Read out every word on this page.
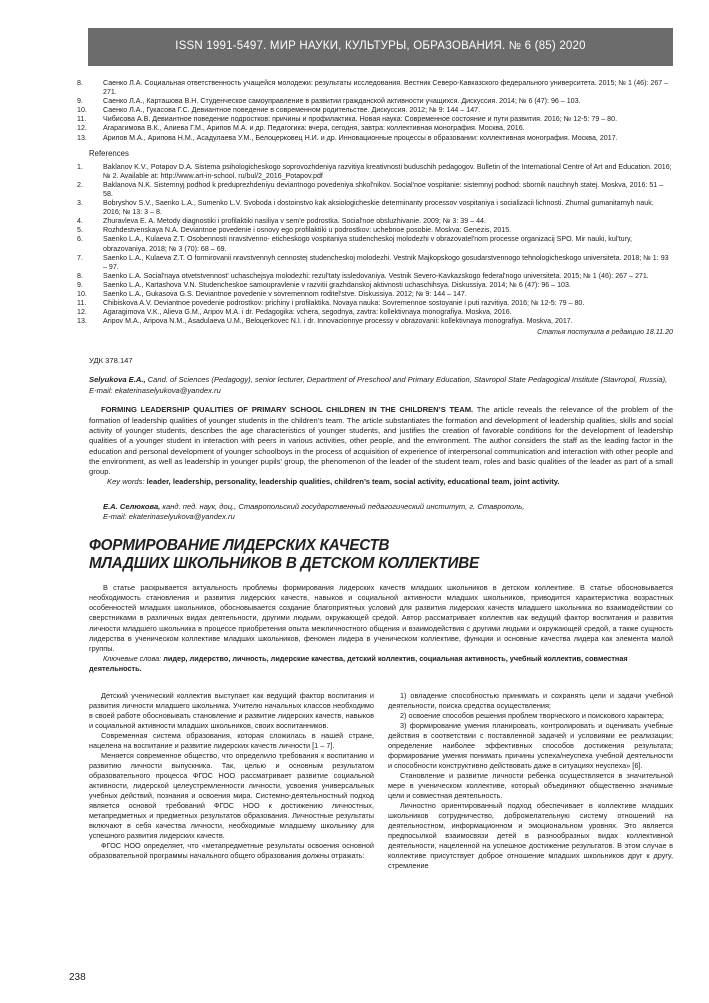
ISSN 1991-5497. МИР НАУКИ, КУЛЬТУРЫ, ОБРАЗОВАНИЯ. № 6 (85) 2020
8.	Саенко Л.А. Социальная ответственность учащейся молодежи: результаты исследования. Вестник Северо-Кавказского федерального университета. 2015; № 1 (46): 267 – 271.
9.	Саенко Л.А., Карташова В.Н. Студенческое самоуправление в развитии гражданской активности учащихся. Дискуссия. 2014; № 6 (47): 96 – 103.
10.	Саенко Л.А., Гукасова Г.С. Девиантное поведение в современном родительстве. Дискуссия. 2012; № 9: 144 – 147.
11.	Чибисова А.В. Девиантное поведение подростков: причины и профилактика. Новая наука: Современное состояние и пути развития. 2016; № 12-5: 79 – 80.
12.	Агарагимова В.К., Алиева Г.М., Арипов М.А. и др. Педагогика: вчера, сегодня, завтра: коллективная монография. Москва, 2016.
13.	Арипов М.А., Арипова Н.М., Асадулаева У.М., Белоцерковец Н.И. и др. Инновационные процессы в образовании: коллективная монография. Москва, 2017.
References
1.	Baklanov K.V., Potapov D.A. Sistema psihologicheskogo soprovozhdeniya razvitiya kreativnosti buduschih pedagogov. Bulletin of the International Centre of Art and Education. 2016; № 2. Available at: http://www.art-in-school. ru/bul/2_2016_Potapov.pdf
2.	Baklanova N.K. Sistemnyj podhod k preduprezhdeniyu deviantnogo povedeniya shkol'nikov. Social'noe vospitanie: sistemnyj podhod: sbornik nauchnyh statej. Moskva, 2016: 51 – 58.
3.	Bobryshov S.V., Saenko L.A., Sumenko L.V. Svoboda i dostoinstvo kak aksiologicheskie determinanty processov vospitaniya i socializacii lichnosti. Zhurnal gumanitarnyh nauk. 2016; № 13: 3 – 8.
4.	Zhuravleva E. A. Metody diagnostiki i profilaktiki nasiliya v sem'e podrostka. Social'noe obsluzhivanie. 2009; № 3: 39 – 44.
5.	Rozhdestvenskaya N.A. Deviantnoe povedenie i osnovy ego profilaktiki u podrostkov: uchebnoe posobie. Moskva: Genezis, 2015.
6.	Saenko L.A., Kulaeva Z.T. Osobennosti nravstvenno- eticheskogo vospitaniya studencheskoj molodezhi v obrazovatel'nom processe organizacij SPO. Mir nauki, kul'tury, obrazovaniya. 2018; № 3 (70): 68 – 69.
7.	Saenko L.A., Kulaeva Z.T. O formirovanii nravstvennyh cennostej studencheskoj molodezhi. Vestnik Majkopskogo gosudarstvennogo tehnologicheskogo universiteta. 2018; № 1: 93 – 97.
8.	Saenko L.A. Social'naya otvetstvennost' uchaschejsya molodezhi: rezul'taty issledovaniya. Vestnik Severo-Kavkazskogo federal'nogo universiteta. 2015; № 1 (46): 267 – 271.
9.	Saenko L.A., Kartashova V.N. Studencheskoe samoupravlenie v razvitii grazhdanskoj aktivnosti uchaschihsya. Diskussiya. 2014; № 6 (47): 96 – 103.
10.	Saenko L.A., Gukasova G.S. Deviantnoe povedenie v sovremennom roditel'stve. Diskussiya. 2012; № 9: 144 – 147.
11.	Chibiskova A.V. Deviantnoe povedenie podrostkov: prichiny i profilaktika. Novaya nauka: Sovremennoe sostoyanie i puti razvitiya. 2016; № 12-5: 79 – 80.
12.	Agaragimova V.K., Alieva G.M., Aripov M.A. i dr. Pedagogika: vchera, segodnya, zavtra: kollektivnaya monografiya. Moskva, 2016.
13.	Aripov M.A., Aripova N.M., Asadulaeva U.M., Beloцerkovec N.I. i dr. Innovacionnye processy v obrazovanii: kollektivnaya monografiya. Moskva, 2017.
Статья поступила в редакцию 18.11.20
УДК 378.147
Selyukova E.A., Cand. of Sciences (Pedagogy), senior lecturer, Department of Preschool and Primary Education, Stavropol State Pedagogical Institute (Stavropol, Russia), E-mail: ekaterinaselyukova@yandex.ru
FORMING LEADERSHIP QUALITIES OF PRIMARY SCHOOL CHILDREN IN THE CHILDREN’S TEAM. The article reveals the relevance of the problem of the formation of leadership qualities of younger students in the children’s team. The article substantiates the formation and development of leadership qualities, skills and social activity of younger students, describes the age characteristics of younger students, and justifies the creation of favorable conditions for the development of leadership qualities of a younger student in interaction with peers in various activities, other people, and the environment. The author considers the staff as the leading factor in the education and personal development of younger schoolboys in the process of acquisition of experience of interpersonal communication and interaction with other people and the environment, as well as leadership in younger pupils’ group, the phenomenon of the leader of the student team, roles and basic qualities of the leader as part of a small group.
Key words: leader, leadership, personality, leadership qualities, children’s team, social activity, educational team, joint activity.
Е.А. Селюкова, канд. пед. наук, доц., Ставропольский государственный педагогический институт, г. Ставрополь,
E-mail: ekaterinaselyukova@yandex.ru
ФОРМИРОВАНИЕ ЛИДЕРСКИХ КАЧЕСТВ
МЛАДШИХ ШКОЛЬНИКОВ В ДЕТСКОМ КОЛЛЕКТИВЕ
В статье раскрывается актуальность проблемы формирования лидерских качеств младших школьников в детском коллективе. В статье обосновывается необходимость становления и развития лидерских качеств, навыков и социальной активности младших школьников, приводится характеристика возрастных особенностей младших школьников, обосновывается создание благоприятных условий для развития лидерских качеств младшего школьника во взаимодействии со сверстниками в различных видах деятельности, другими людьми, окружающей средой. Автор рассматривает коллектив как ведущий фактор воспитания и развития личности младшего школьника в процессе приобретения опыта межличностного общения и взаимодействия с другими людьми и окружающей средой, а также сущность лидерства в ученическом коллективе младших школьников, феномен лидера в ученическом коллективе, функции и основные качества лидера как элемента малой группы.
Ключевые слова: лидер, лидерство, личность, лидерские качества, детский коллектив, социальная активность, учебный коллектив, совместная деятельность.

Детский ученический коллектив выступает как ведущий фактор воспитания и развития личности младшего школьника. Учителю начальных классов необходимо в своей работе обосновывать становление и развитие лидерских качеств, навыков и социальной активности младших школьников, своих воспитанников.

Современная система образования, которая сложилась в нашей стране, нацелена на воспитание и развитие лидерских качеств личности [1 – 7].

Меняется современное общество, что определило требования к воспитанию и развитию личности выпускника. Так, целью и основным результатом образовательного процесса ФГОС НОО рассматривает развитие социальной активности, лидерской целеустремленности личности, усвоения универсальных учебных действий, познания и освоения мира. Системно-деятельностный подход является основой требований ФГОС НОО к достижению личностных, метапредметных и предметных результатов образования. Личностные результаты включают в себя качества личности, необходимые младшему школьнику для успешного развития лидерских качеств.

ФГОС НОО определяет, что «метапредметные результаты освоения основной образовательной программы начального общего образования должны отражать:

1) овладение способностью принимать и сохранять цели и задачи учебной деятельности, поиска средства осуществления;

2) освоение способов решения проблем творческого и поискового характера;

3) формирование умения планировать, контролировать и оценивать учебные действия в соответствии с поставленной задачей и условиями ее реализации; определение наиболее эффективных способов достижения результата; формирование умения понимать причины успеха/неуспеха учебной деятельности и способности конструктивно действовать даже в ситуациях неуспеха» [6].

Становление и развитие личности ребенка осуществляется в значительной мере в ученическом коллективе, который объединяют общественно значимые цели и совместная деятельность.

Личностно ориентированный подход обеспечивает в коллективе младших школьников сотрудничество, доброжелательную систему отношений на деятельностном, информационном и эмоциональном уровнях. Это является предпосылкой взаимосвязи детей в разнообразных видах коллективной деятельности, нацеленной на успешное достижение результатов. В этом случае в коллективе присутствует доброе отношение младших школьников друг к другу, стремление

238
